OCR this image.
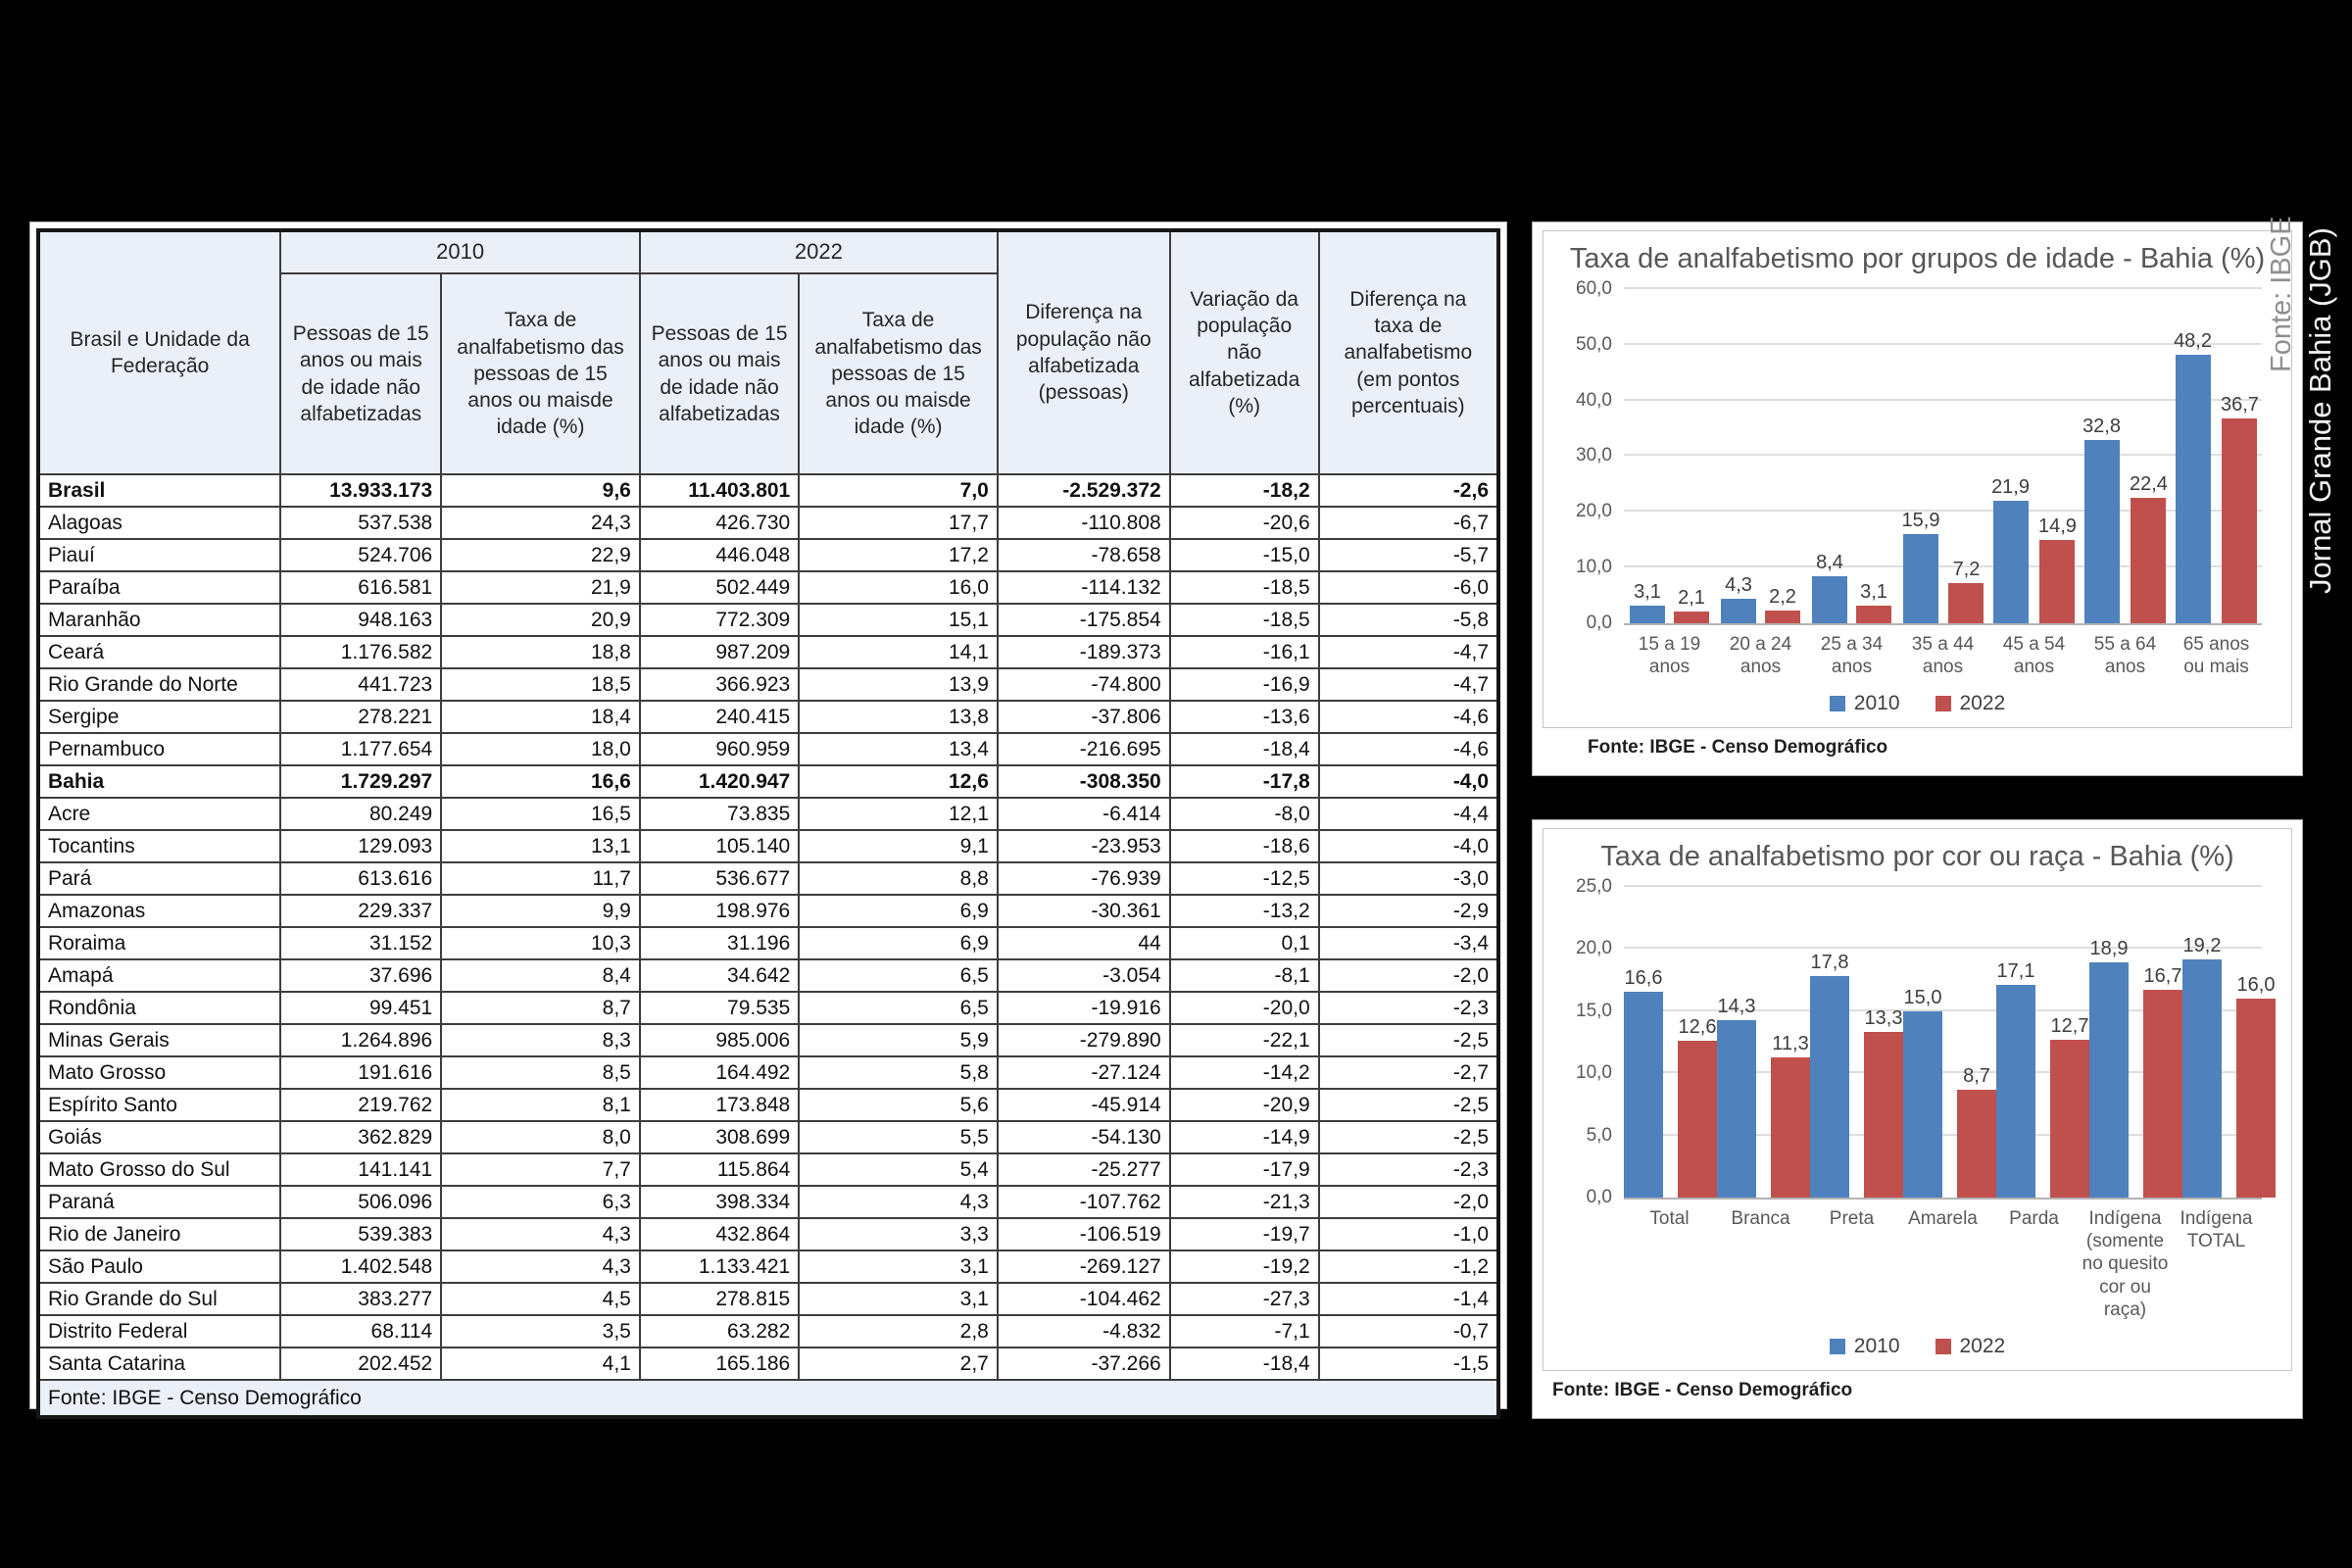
Brasil e Unidade da Federação	2010		2022		Diferença na população não alfabetizada (pessoas)	Variação da população não alfabetizada (%)	Diferença na taxa de analfabetismo (em pontos percentuais)
	Pessoas de 15 anos ou mais de idade não alfabetizadas	Taxa de analfabetismo das pessoas de 15 anos ou maisde idade (%)	Pessoas de 15 anos ou mais de idade não alfabetizadas	Taxa de analfabetismo das pessoas de 15 anos ou maisde idade (%)			
Brasil	13.933.173	9,6	11.403.801	7,0	-2.529.372	-18,2	-2,6
Alagoas	537.538	24,3	426.730	17,7	-110.808	-20,6	-6,7
Piauí	524.706	22,9	446.048	17,2	-78.658	-15,0	-5,7
Paraíba	616.581	21,9	502.449	16,0	-114.132	-18,5	-6,0
Maranhão	948.163	20,9	772.309	15,1	-175.854	-18,5	-5,8
Ceará	1.176.582	18,8	987.209	14,1	-189.373	-16,1	-4,7
Rio Grande do Norte	441.723	18,5	366.923	13,9	-74.800	-16,9	-4,7
Sergipe	278.221	18,4	240.415	13,8	-37.806	-13,6	-4,6
Pernambuco	1.177.654	18,0	960.959	13,4	-216.695	-18,4	-4,6
Bahia	1.729.297	16,6	1.420.947	12,6	-308.350	-17,8	-4,0
Acre	80.249	16,5	73.835	12,1	-6.414	-8,0	-4,4
Tocantins	129.093	13,1	105.140	9,1	-23.953	-18,6	-4,0
Pará	613.616	11,7	536.677	8,8	-76.939	-12,5	-3,0
Amazonas	229.337	9,9	198.976	6,9	-30.361	-13,2	-2,9
Roraima	31.152	10,3	31.196	6,9	44	0,1	-3,4
Amapá	37.696	8,4	34.642	6,5	-3.054	-8,1	-2,0
Rondônia	99.451	8,7	79.535	6,5	-19.916	-20,0	-2,3
Minas Gerais	1.264.896	8,3	985.006	5,9	-279.890	-22,1	-2,5
Mato Grosso	191.616	8,5	164.492	5,8	-27.124	-14,2	-2,7
Espírito Santo	219.762	8,1	173.848	5,6	-45.914	-20,9	-2,5
Goiás	362.829	8,0	308.699	5,5	-54.130	-14,9	-2,5
Mato Grosso do Sul	141.141	7,7	115.864	5,4	-25.277	-17,9	-2,3
Paraná	506.096	6,3	398.334	4,3	-107.762	-21,3	-2,0
Rio de Janeiro	539.383	4,3	432.864	3,3	-106.519	-19,7	-1,0
São Paulo	1.402.548	4,3	1.133.421	3,1	-269.127	-19,2	-1,2
Rio Grande do Sul	383.277	4,5	278.815	3,1	-104.462	-27,3	-1,4
Distrito Federal	68.114	3,5	63.282	2,8	-4.832	-7,1	-0,7
Santa Catarina	202.452	4,1	165.186	2,7	-37.266	-18,4	-1,5
Fonte: IBGE - Censo Demográfico							
Taxa de analfabetismo por grupos de idade - Bahia (%)
0,0
10,0
20,0
30,0
40,0
50,0
60,0
3,1 2,1
4,3
2,2
8,4
3,1
15,9
7,2
21,9
14,9
32,8
22,4
48,2
36,7
15 a 19 anos
20 a 24 anos
25 a 34 anos
35 a 44 anos
45 a 54 anos
55 a 64 anos
65 anos ou mais
2010	2022
Fonte: IBGE - Censo Demográfico
Taxa de analfabetismo por cor ou raça - Bahia (%)
0,0
5,0
10,0
15,0
20,0
25,0
16,6
12,6
14,3
11,3
17,8
13,3
15,0
8,7
17,1
12,7
18,9
16,7
19,2
16,0
Total	Branca	Preta	Amarela	Parda	Indígena (somente no quesito cor ou raça)
Indígena TOTAL
2010	2022
Fonte: IBGE - Censo Demográfico
Fonte: IBGE Jornal Grande Bahia (JGB)
